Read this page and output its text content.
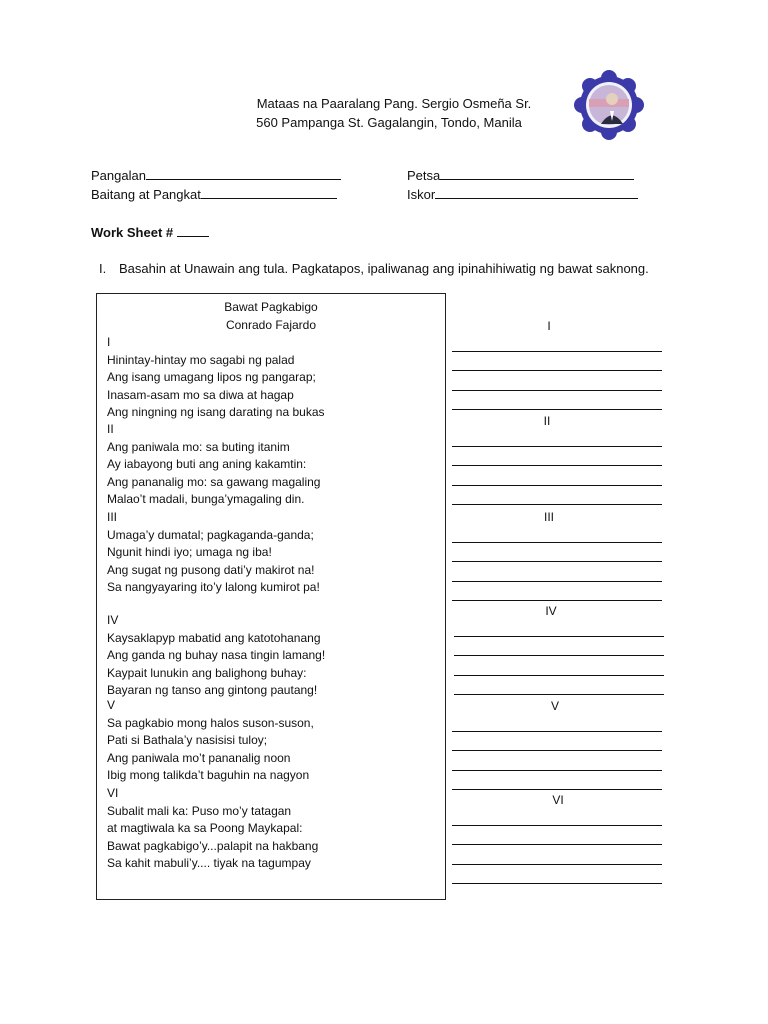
Mataas na Paaralang Pang. Sergio Osmeña Sr.
560 Pampanga St. Gagalangin, Tondo, Manila
Pangalan
Baitang at Pangkat
Petsa
Iskor
Work Sheet #
I. Basahin at Unawain ang tula. Pagkatapos, ipaliwanag ang ipinahihiwatig ng bawat saknong.
Bawat Pagkabigo
Conrado Fajardo
I
Hinintay-hintay mo sagabi ng palad
Ang isang umagang lipos ng pangarap;
Inasam-asam mo sa diwa at hagap
Ang ningning ng isang darating na bukas
II
Ang paniwala mo: sa buting itanim
Ay iabayong buti ang aning kakamtin:
Ang pananalig mo: sa gawang magaling
Malao’t madali, bunga’ymagaling din.
III
Umaga’y dumatal; pagkaganda-ganda;
Ngunit hindi iyo; umaga ng iba!
Ang sugat ng pusong dati’y makirot na!
Sa nangyayaring ito’y lalong kumirot pa!
IV
Kaysaklapyp mabatid ang katotohanang
Ang ganda ng buhay nasa tingin lamang!
Kaypait lunukin ang balighong buhay:
Bayaran ng tanso ang gintong pautang!
V
Sa pagkabio mong halos suson-suson,
Pati si Bathala’y nasisisi tuloy;
Ang paniwala mo’t pananalig noon
Ibig mong talikda’t baguhin na nagyon
VI
Subalit mali ka: Puso mo’y tatagan
at magtiwala ka sa Poong Maykapal:
Bawat pagkabigo’y...palapit na hakbang
Sa kahit mabuli’y.... tiyak na tagumpay
I
II
III
IV
V
VI
